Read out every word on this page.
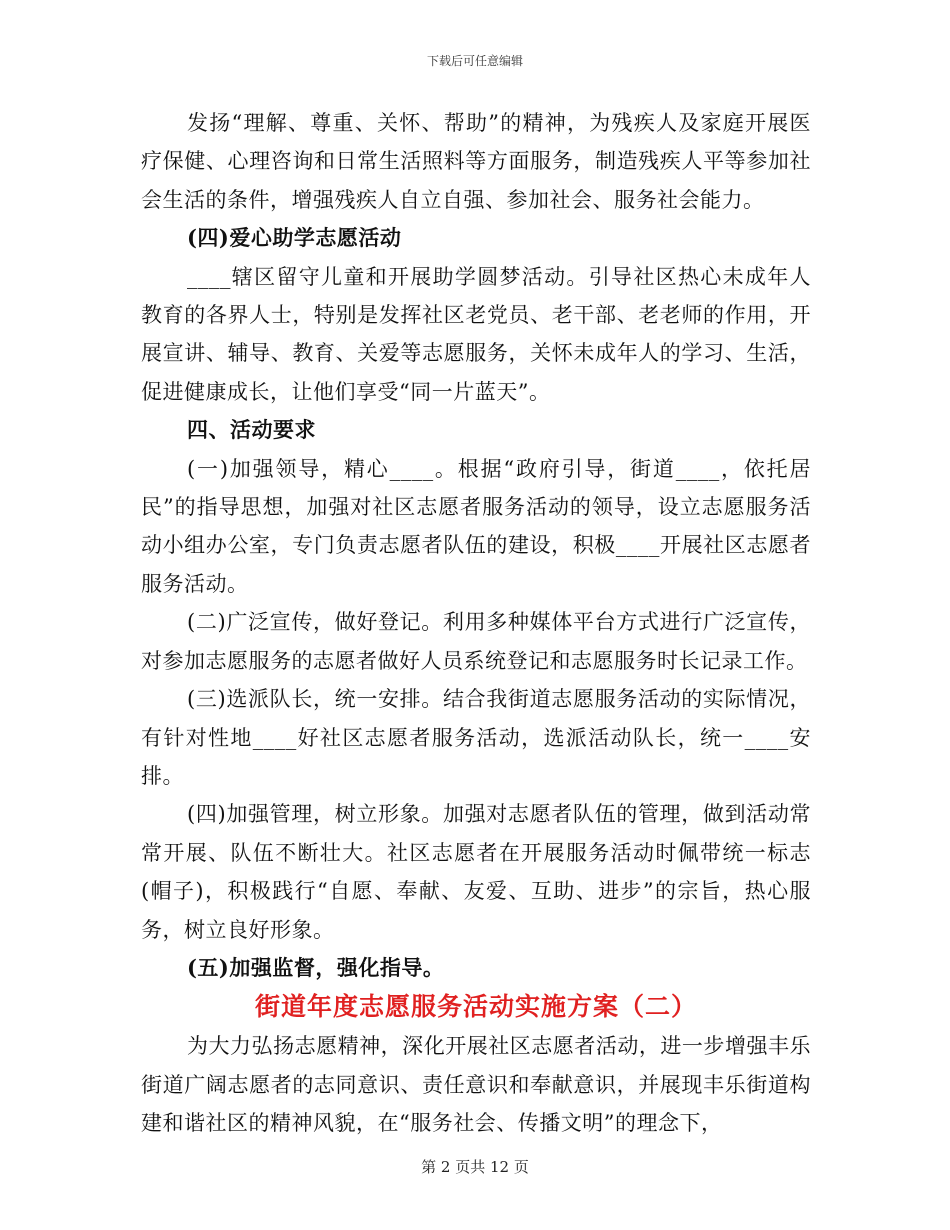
下载后可任意编辑

发扬“理解、尊重、关怀、帮助”的精神，为残疾人及家庭开展医疗保健、心理咨询和日常生活照料等方面服务，制造残疾人平等参加社会生活的条件，增强残疾人自立自强、参加社会、服务社会能力。

(四)爱心助学志愿活动

____辖区留守儿童和开展助学圆梦活动。引导社区热心未成年人教育的各界人士，特别是发挥社区老党员、老干部、老老师的作用，开展宣讲、辅导、教育、关爱等志愿服务，关怀未成年人的学习、生活，促进健康成长，让他们享受“同一片蓝天”。

四、活动要求

(一)加强领导，精心____。根据“政府引导，街道____，依托居民”的指导思想，加强对社区志愿者服务活动的领导，设立志愿服务活动小组办公室，专门负责志愿者队伍的建设，积极____开展社区志愿者服务活动。

(二)广泛宣传，做好登记。利用多种媒体平台方式进行广泛宣传，对参加志愿服务的志愿者做好人员系统登记和志愿服务时长记录工作。

(三)选派队长，统一安排。结合我街道志愿服务活动的实际情况，有针对性地____好社区志愿者服务活动，选派活动队长，统一____安排。

(四)加强管理，树立形象。加强对志愿者队伍的管理，做到活动常常开展、队伍不断壮大。社区志愿者在开展服务活动时佩带统一标志(帽子)，积极践行“自愿、奉献、友爱、互助、进步”的宗旨，热心服务，树立良好形象。

(五)加强监督，强化指导。

街道年度志愿服务活动实施方案（二）

为大力弘扬志愿精神，深化开展社区志愿者活动，进一步增强丰乐街道广阔志愿者的志同意识、责任意识和奉献意识，并展现丰乐街道构建和谐社区的精神风貌，在“服务社会、传播文明”的理念下，

第 2 页共 12 页
